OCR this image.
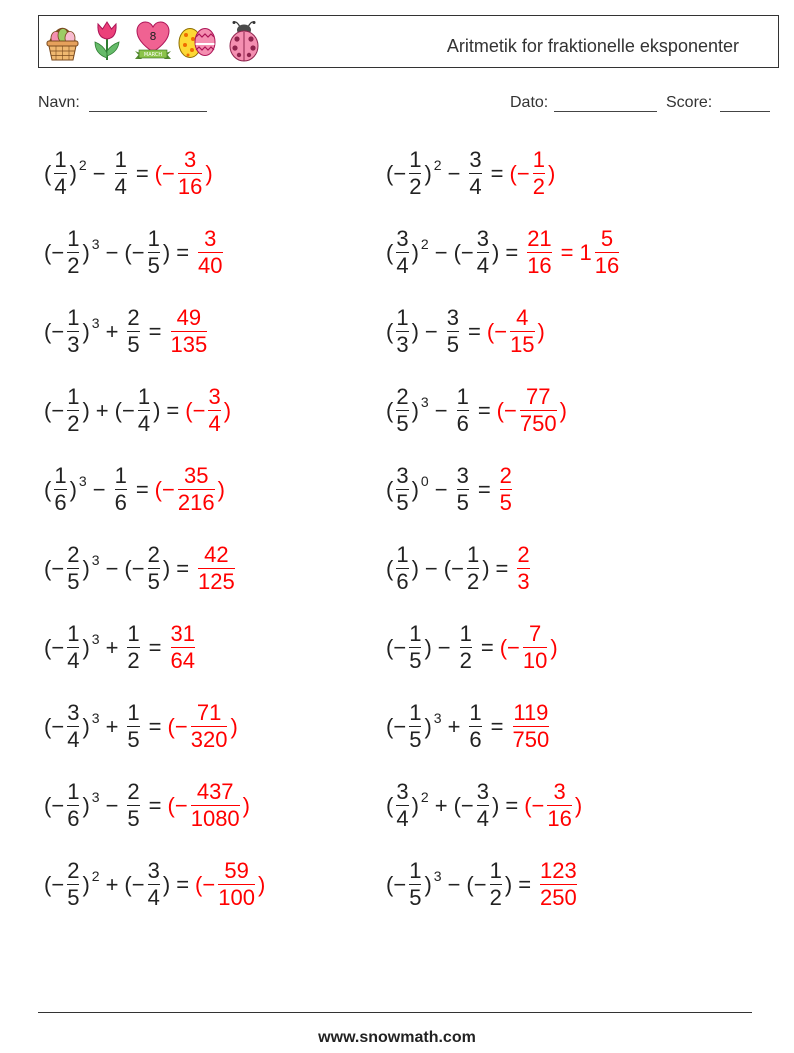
8
MARCH	Aritmetik for fraktionelle eksponenter
Navn:	Dato:	Score:
( $\frac{1}{4}$ ) $2 - \frac{1}{4}$ = (− $\frac{3}{16}$ )
(− $\frac{1}{2}$ ) 3 − (− $\frac{1}{5}$ ) = $\frac{3}{40}$
(− $\frac{1}{3}$ ) $3 + \frac{2}{5} = \frac{49}{135}$
(− $\frac{1}{2}$ ) + (− $\frac{1}{4}$ ) = (− $\frac{3}{4}$ )
( $\frac{1}{6}$ ) $3 - \frac{1}{6}$ = (− $\frac{35}{216}$ )
(− $\frac{2}{5}$ ) 3 − (− $\frac{2}{5}$ ) = $\frac{42}{125}$
(− $\frac{1}{4}$ ) $3 + \frac{1}{2} = \frac{31}{64}$
(− $\frac{3}{4}$ ) $3 + \frac{1}{5}$ = (− $\frac{71}{320}$ )
(− $\frac{1}{6}$ ) $3 - \frac{2}{5}$ = (− $\frac{437}{1080}$ )
(− $\frac{2}{5}$ ) 2 + (− $\frac{3}{4}$ ) = (− $\frac{59}{100}$ )
(− $\frac{1}{2}$ ) $2 - \frac{3}{4}$ = (− $\frac{1}{2}$ )
( $\frac{3}{4}$ ) 2 − (− $\frac{3}{4}$ ) = $\frac{21}{16} = 1 \frac{5}{16}$
( $\frac{1}{3}$ ) − $\frac{3}{5}$ = (− $\frac{4}{15}$ )
( $\frac{2}{5}$ ) $3 - \frac{1}{6}$ = (− $\frac{77}{750}$ )
( $\frac{3}{5}$ ) $0 - \frac{3}{5} = \frac{2}{5}$
( $\frac{1}{6}$ ) − (− $\frac{1}{2}$ ) = $\frac{2}{3}$
(− $\frac{1}{5}$ ) − $\frac{1}{2}$ = (− $\frac{7}{10}$ )
(− $\frac{1}{5}$ ) $3 + \frac{1}{6} = \frac{119}{750}$
( $\frac{3}{4}$ ) 2 + (− $\frac{3}{4}$ ) = (− $\frac{3}{16}$ )
(− $\frac{1}{5}$ ) 3 − (− $\frac{1}{2}$ ) = $\frac{123}{250}$
www.snowmath.com
